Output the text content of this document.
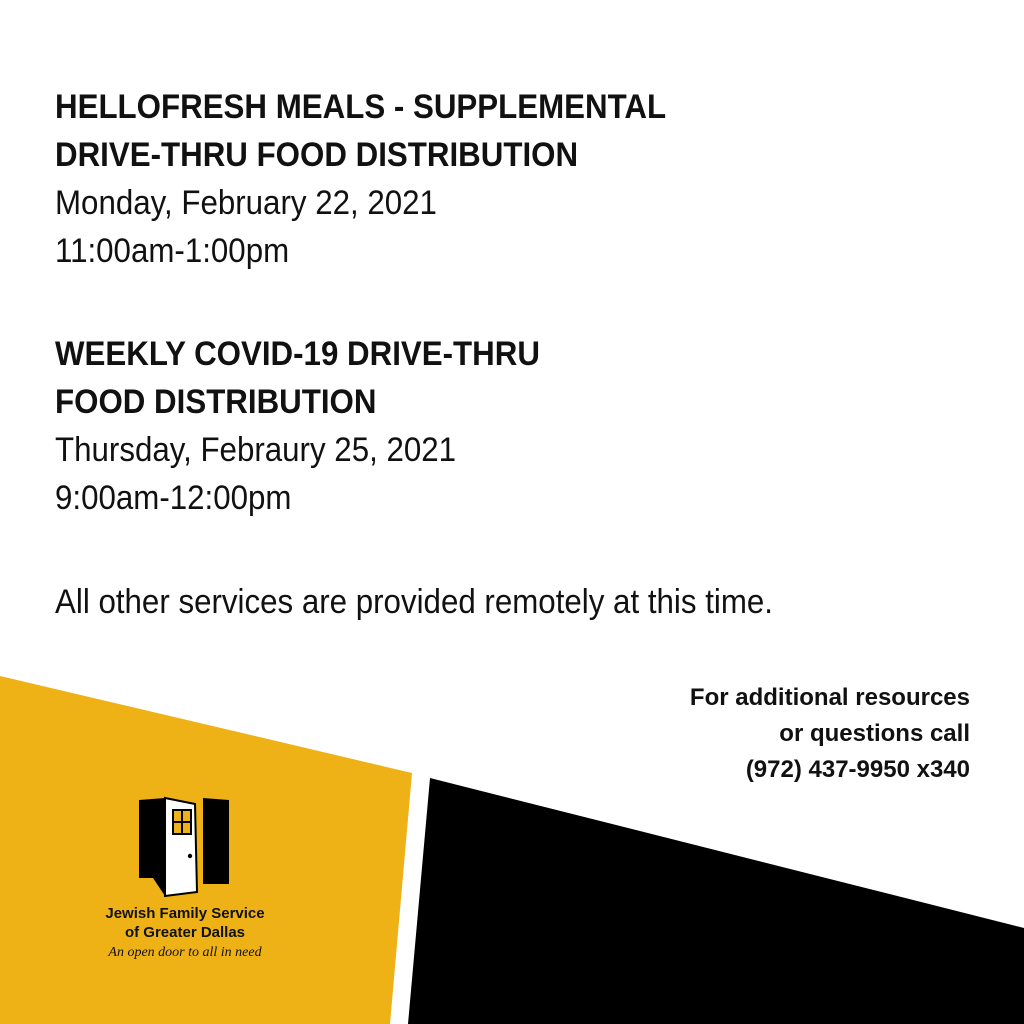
HELLOFRESH MEALS - SUPPLEMENTAL

DRIVE-THRU FOOD DISTRIBUTION

Monday, February 22, 2021

11:00am-1:00pm

WEEKLY COVID-19 DRIVE-THRU

FOOD DISTRIBUTION

Thursday, Febraury 25, 2021

9:00am-12:00pm

All other services are provided remotely at this time.

For additional resources
or questions call
(972) 437-9950 x340
Jewish Family Service
of Greater Dallas
An open door to all in need
